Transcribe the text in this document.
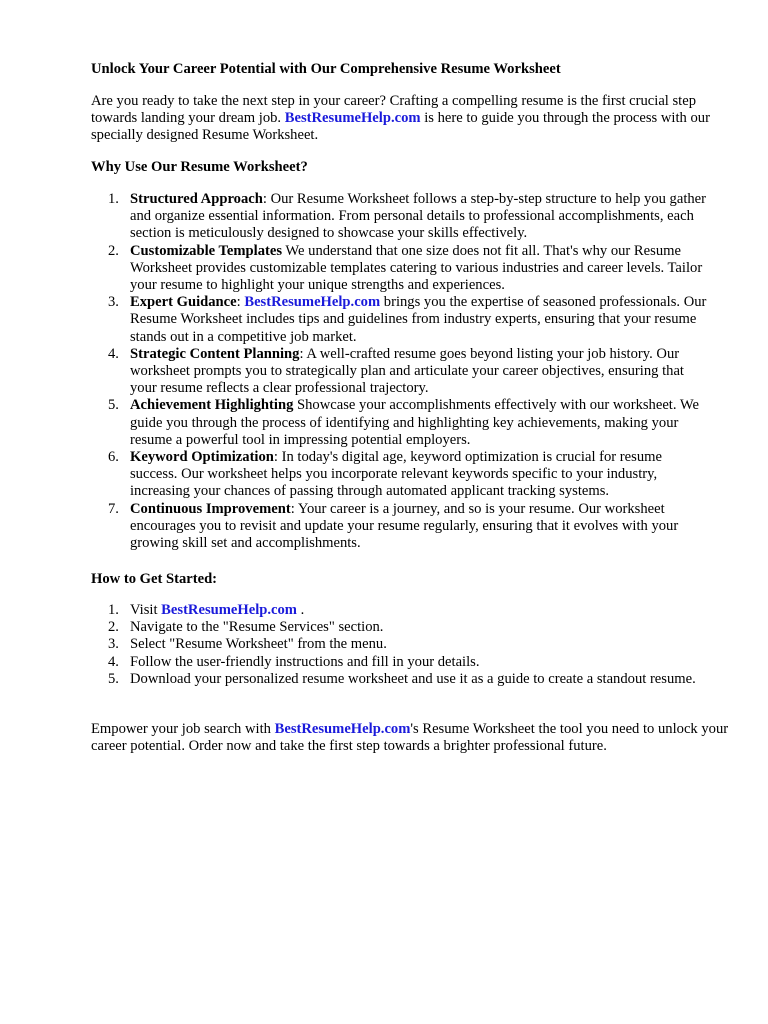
Unlock Your Career Potential with Our Comprehensive Resume Worksheet

Are you ready to take the next step in your career? Crafting a compelling resume is the first crucial step towards landing your dream job. BestResumeHelp.com is here to guide you through the process with our specially designed Resume Worksheet.

Why Use Our Resume Worksheet?
1. Structured Approach: Our Resume Worksheet follows a step-by-step structure to help you gather and organize essential information. From personal details to professional accomplishments, each section is meticulously designed to showcase your skills effectively.
2. Customizable Templates We understand that one size does not fit all. That's why our Resume Worksheet provides customizable templates catering to various industries and career levels. Tailor your resume to highlight your unique strengths and experiences.
3. Expert Guidance: BestResumeHelp.com brings you the expertise of seasoned professionals. Our Resume Worksheet includes tips and guidelines from industry experts, ensuring that your resume stands out in a competitive job market.
4. Strategic Content Planning: A well-crafted resume goes beyond listing your job history. Our worksheet prompts you to strategically plan and articulate your career objectives, ensuring that your resume reflects a clear professional trajectory.
5. Achievement Highlighting Showcase your accomplishments effectively with our worksheet. We guide you through the process of identifying and highlighting key achievements, making your resume a powerful tool in impressing potential employers.
6. Keyword Optimization: In today's digital age, keyword optimization is crucial for resume success. Our worksheet helps you incorporate relevant keywords specific to your industry, increasing your chances of passing through automated applicant tracking systems.
7. Continuous Improvement: Your career is a journey, and so is your resume. Our worksheet encourages you to revisit and update your resume regularly, ensuring that it evolves with your growing skill set and accomplishments.
How to Get Started:
1. Visit BestResumeHelp.com .
2. Navigate to the "Resume Services" section.
3. Select "Resume Worksheet" from the menu.
4. Follow the user-friendly instructions and fill in your details.
5. Download your personalized resume worksheet and use it as a guide to create a standout resume.

Empower your job search with BestResumeHelp.com's Resume Worksheet the tool you need to unlock your career potential. Order now and take the first step towards a brighter professional future.
